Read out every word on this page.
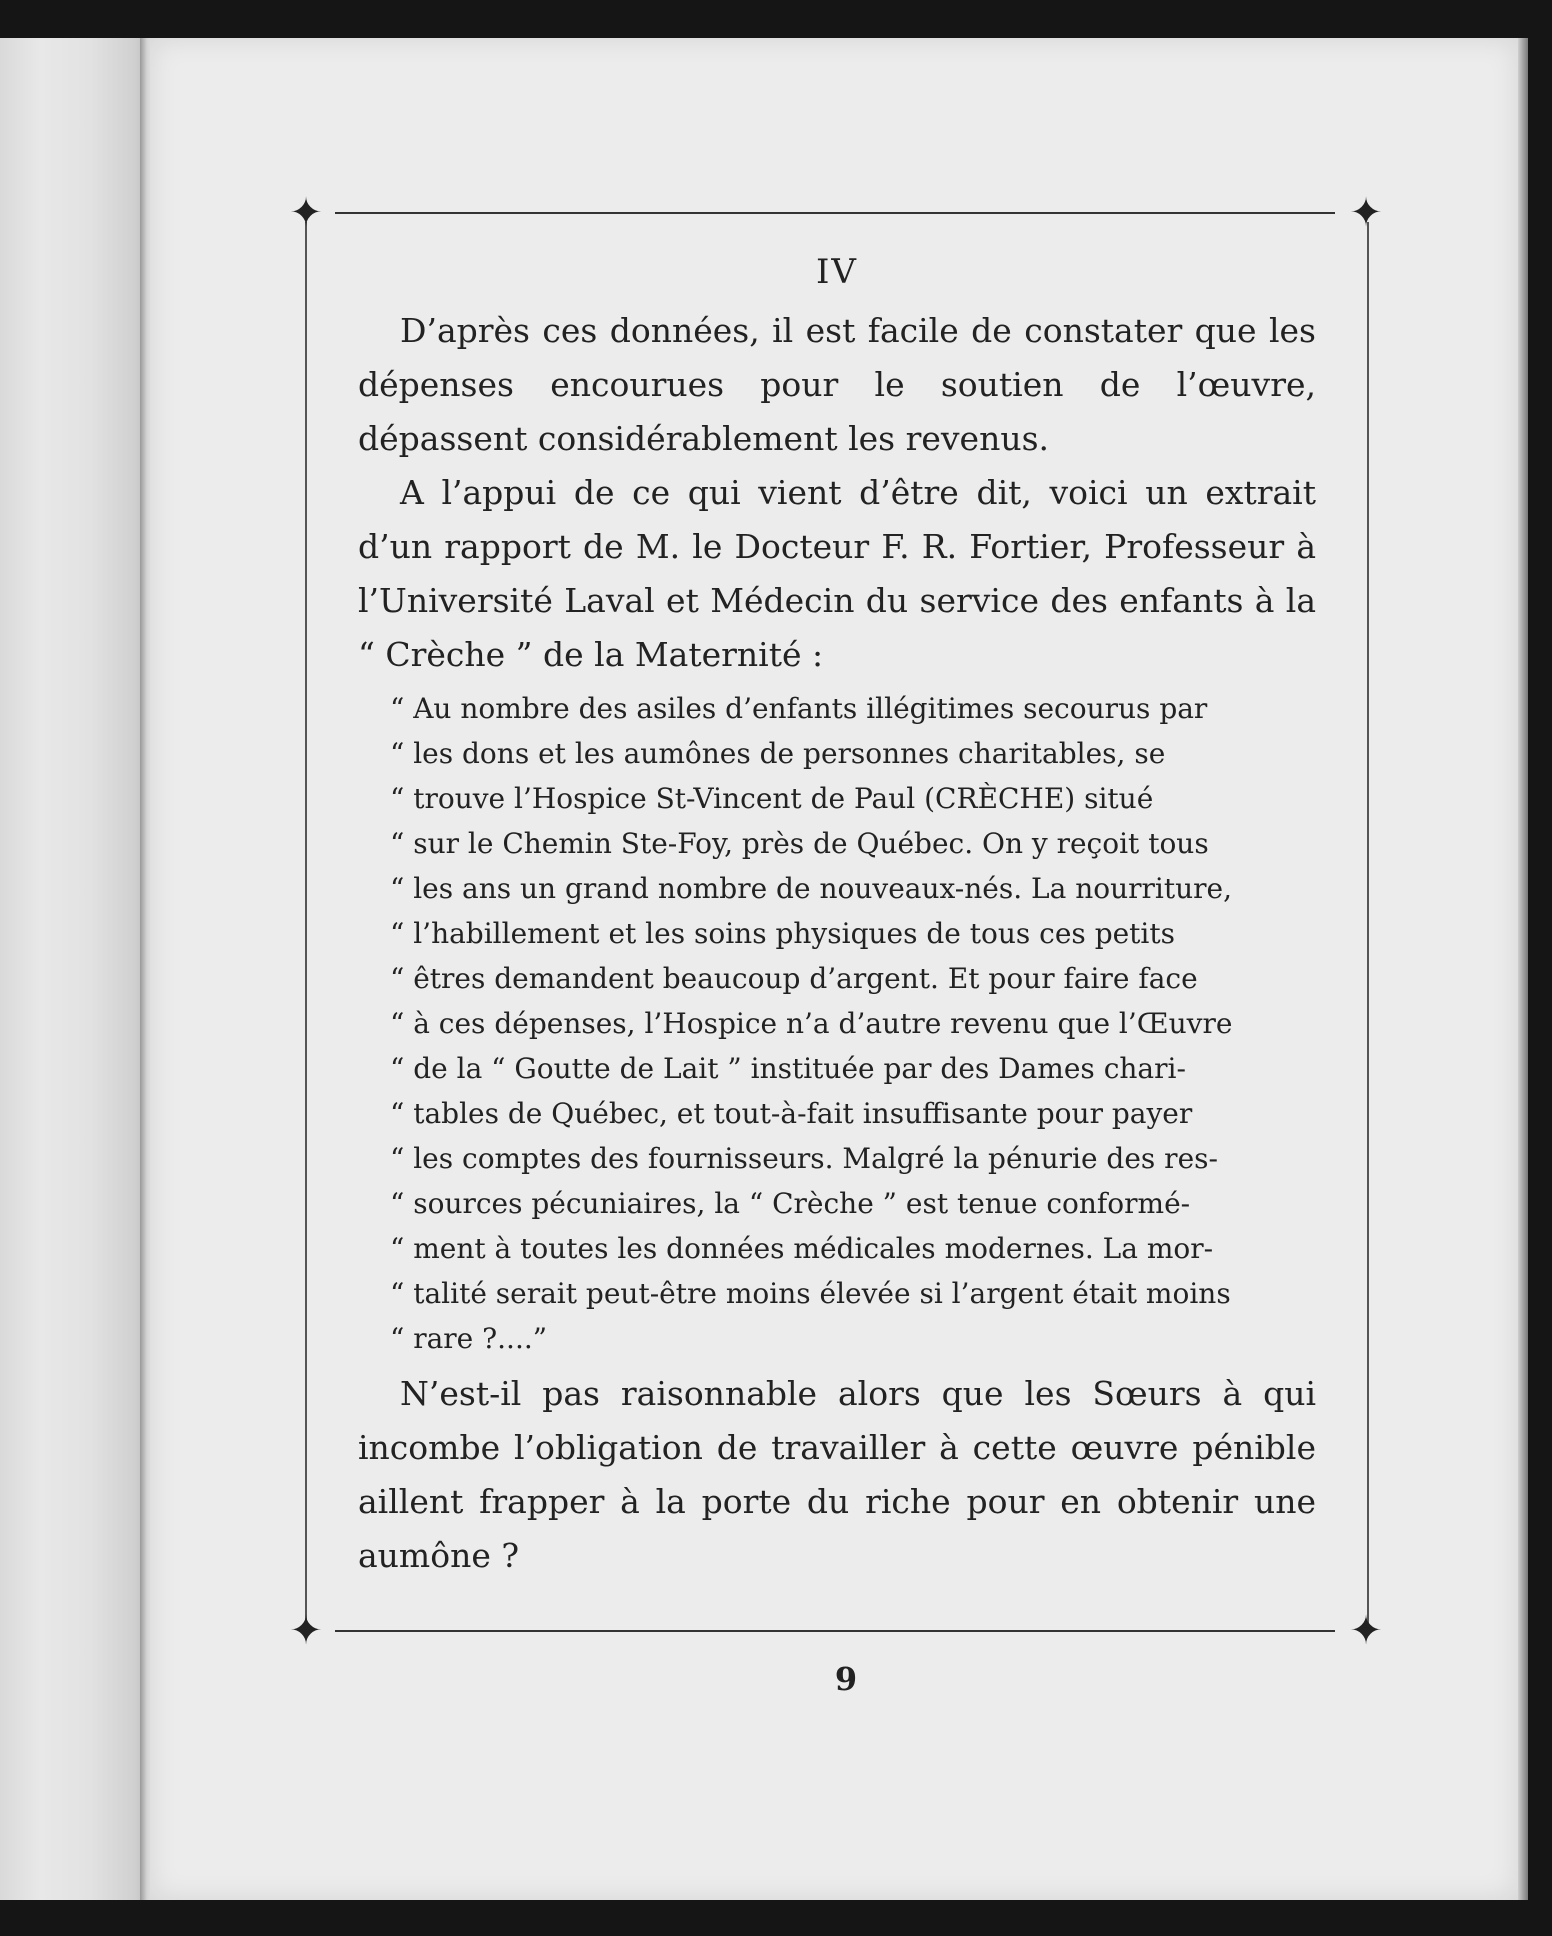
✦	✦
✦	✦
IV

D’après ces données, il est facile de constater que les dépenses encourues pour le soutien de l’œuvre, dépassent considérablement les revenus.

A l’appui de ce qui vient d’être dit, voici un extrait d’un rapport de M. le Docteur F. R. Fortier, Professeur à l’Université Laval et Médecin du service des enfants à la “ Crèche ” de la Maternité :

“ Au nombre des asiles d’enfants illégitimes secourus par
“ les dons et les aumônes de personnes charitables, se
“ trouve l’Hospice St-Vincent de Paul (CRÈCHE) situé
“ sur le Chemin Ste-Foy, près de Québec. On y reçoit tous
“ les ans un grand nombre de nouveaux-nés. La nourriture,
“ l’habillement et les soins physiques de tous ces petits
“ êtres demandent beaucoup d’argent. Et pour faire face
“ à ces dépenses, l’Hospice n’a d’autre revenu que l’Œuvre
“ de la “ Goutte de Lait ” instituée par des Dames chari-
“ tables de Québec, et tout-à-fait insuffisante pour payer
“ les comptes des fournisseurs. Malgré la pénurie des res-
“ sources pécuniaires, la “ Crèche ” est tenue conformé-
“ ment à toutes les données médicales modernes. La mor-
“ talité serait peut-être moins élevée si l’argent était moins
“ rare ?....”

N’est-il pas raisonnable alors que les Sœurs à qui incombe l’obligation de travailler à cette œuvre pénible aillent frapper à la porte du riche pour en obtenir une aumône ?

9
